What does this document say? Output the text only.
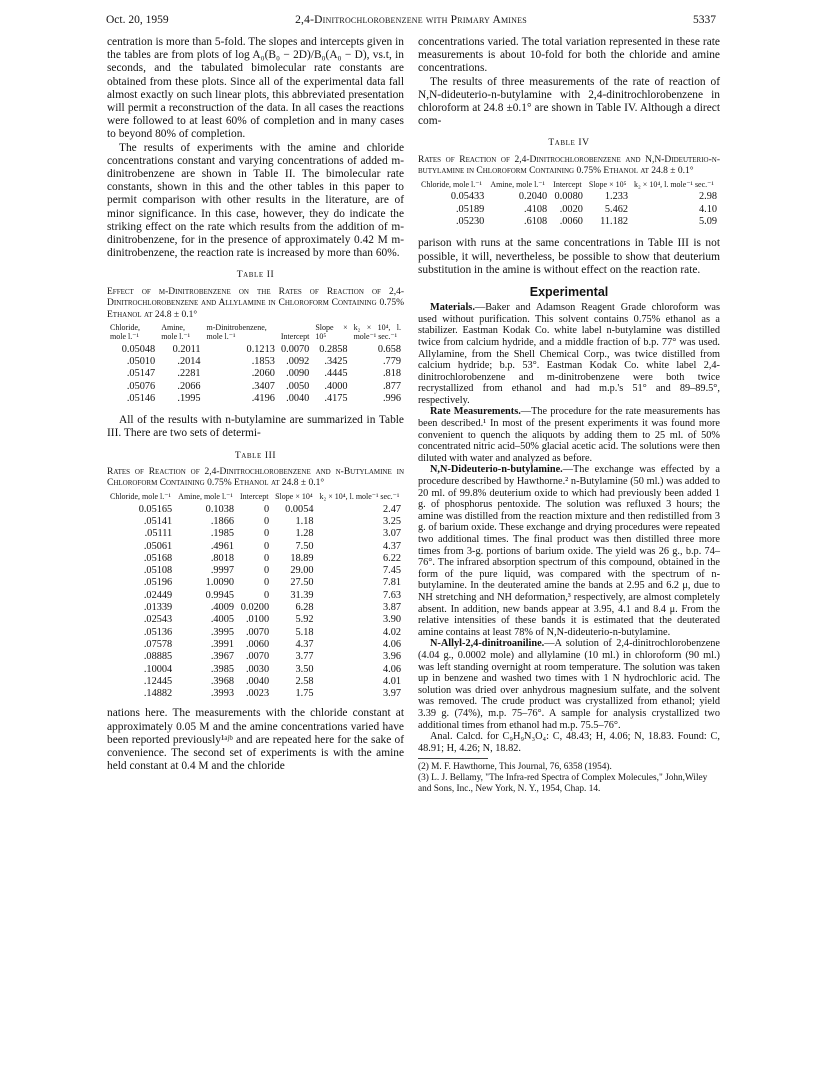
Oct. 20, 1959	2,4-Dinitrochlorobenzene with Primary Amines	5337

centration is more than 5-fold. The slopes and intercepts given in the tables are from plots of log A₀(B₀ − 2D)/B₀(A₀ − D), vs.t, in seconds, and the tabulated bimolecular rate constants are obtained from these plots. Since all of the experimental data fall almost exactly on such linear plots, this abbreviated presentation will permit a reconstruction of the data. In all cases the reactions were followed to at least 60% of completion and in many cases to beyond 80% of completion.

The results of experiments with the amine and chloride concentrations constant and varying concentrations of added m-dinitrobenzene are shown in Table II. The bimolecular rate constants, shown in this and the other tables in this paper to permit comparison with other results in the literature, are of minor significance. In this case, however, they do indicate the striking effect on the rate which results from the addition of m-dinitrobenzene, for in the presence of approximately 0.42 M m-dinitrobenzene, the reaction rate is increased by more than 60%.

Table II
Effect of m-Dinitrobenzene on the Rates of Reaction of 2,4-Dinitrochlorobenzene and Allylamine in Chloroform Containing 0.75% Ethanol at 24.8 ± 0.1°
Chloride, mole l.⁻¹	Amine, mole l.⁻¹	m-Dinitrobenzene, mole l.⁻¹	Intercept	Slope × 10⁵	k₂ × 10⁴, l. mole⁻¹ sec.⁻¹
0.05048	0.2011	0.1213	0.0070	0.2858	0.658
.05010	.2014	.1853	.0092	.3425	.779
.05147	.2281	.2060	.0090	.4445	.818
.05076	.2066	.3407	.0050	.4000	.877
.05146	.1995	.4196	.0040	.4175	.996

All of the results with n-butylamine are summarized in Table III. There are two sets of determi-

Table III
Rates of Reaction of 2,4-Dinitrochlorobenzene and n-Butylamine in Chloroform Containing 0.75% Ethanol at 24.8 ± 0.1°
Chloride, mole l.⁻¹	Amine, mole l.⁻¹	Intercept	Slope × 10⁴	k₂ × 10⁴, l. mole⁻¹ sec.⁻¹
0.05165	0.1038	0	0.0054	2.47
.05141	.1866	0	1.18	3.25
.05111	.1985	0	1.28	3.07
.05061	.4961	0	7.50	4.37
.05168	.8018	0	18.89	6.22
.05108	.9997	0	29.00	7.45
.05196	1.0090	0	27.50	7.81
.02449	0.9945	0	31.39	7.63
.01339	.4009	0.0200	6.28	3.87
.02543	.4005	.0100	5.92	3.90
.05136	.3995	.0070	5.18	4.02
.07578	.3991	.0060	4.37	4.06
.08885	.3967	.0070	3.77	3.96
.10004	.3985	.0030	3.50	4.06
.12445	.3968	.0040	2.58	4.01
.14882	.3993	.0023	1.75	3.97

nations here. The measurements with the chloride constant at approximately 0.05 M and the amine concentrations varied have been reported previously¹ᵃʲᵇ and are repeated here for the sake of convenience. The second set of experiments is with the amine held constant at 0.4 M and the chloride

concentrations varied. The total variation represented in these rate measurements is about 10-fold for both the chloride and amine concentrations.

The results of three measurements of the rate of reaction of N,N-dideuterio-n-butylamine with 2,4-dinitrochlorobenzene in chloroform at 24.8 ±0.1° are shown in Table IV. Although a direct com-

Table IV
Rates of Reaction of 2,4-Dinitrochlorobenzene and N,N-Dideuterio-n-butylamine in Chloroform Containing 0.75% Ethanol at 24.8 ± 0.1°
Chloride, mole l.⁻¹	Amine, mole l.⁻¹	Intercept	Slope × 10⁵	k₂ × 10⁴, l. mole⁻¹ sec.⁻¹
0.05433	0.2040	0.0080	1.233	2.98
.05189	.4108	.0020	5.462	4.10
.05230	.6108	.0060	11.182	5.09

parison with runs at the same concentrations in Table III is not possible, it will, nevertheless, be possible to show that deuterium substitution in the amine is without effect on the reaction rate.

Experimental

Materials.—Baker and Adamson Reagent Grade chloroform was used without purification. This solvent contains 0.75% ethanol as a stabilizer. Eastman Kodak Co. white label n-butylamine was distilled twice from calcium hydride, and a middle fraction of b.p. 77° was used. Allylamine, from the Shell Chemical Corp., was twice distilled from calcium hydride; b.p. 53°. Eastman Kodak Co. white label 2,4-dinitrochlorobenzene and m-dinitrobenzene were both twice recrystallized from ethanol and had m.p.'s 51° and 89–89.5°, respectively.

Rate Measurements.—The procedure for the rate measurements has been described.¹ In most of the present experiments it was found more convenient to quench the aliquots by adding them to 25 ml. of 50% concentrated nitric acid–50% glacial acetic acid. The solutions were then diluted with water and analyzed as before.

N,N-Dideuterio-n-butylamine.—The exchange was effected by a procedure described by Hawthorne.² n-Butylamine (50 ml.) was added to 20 ml. of 99.8% deuterium oxide to which had previously been added 1 g. of phosphorus pentoxide. The solution was refluxed 3 hours; the amine was distilled from the reaction mixture and then redistilled from 3 g. of barium oxide. These exchange and drying procedures were repeated two additional times. The final product was then distilled three more times from 3-g. portions of barium oxide. The yield was 26 g., b.p. 74–76°. The infrared absorption spectrum of this compound, obtained in the form of the pure liquid, was compared with the spectrum of n-butylamine. In the deuterated amine the bands at 2.95 and 6.2 μ, due to NH stretching and NH deformation,³ respectively, are almost completely absent. In addition, new bands appear at 3.95, 4.1 and 8.4 μ. From the relative intensities of these bands it is estimated that the deuterated amine contains at least 78% of N,N-dideuterio-n-butylamine.

N-Allyl-2,4-dinitroaniline.—A solution of 2,4-dinitrochlorobenzene (4.04 g., 0.0002 mole) and allylamine (10 ml.) in chloroform (90 ml.) was left standing overnight at room temperature. The solution was taken up in benzene and washed two times with 1 N hydrochloric acid. The solution was dried over anhydrous magnesium sulfate, and the solvent was removed. The crude product was crystallized from ethanol; yield 3.39 g. (74%), m.p. 75–76°. A sample for analysis crystallized two additional times from ethanol had m.p. 75.5–76°.

Anal. Calcd. for C₉H₉N₃O₄: C, 48.43; H, 4.06; N, 18.83. Found: C, 48.91; H, 4.26; N, 18.82.

(2) M. F. Hawthorne, This Journal, 76, 6358 (1954).

(3) L. J. Bellamy, "The Infra-red Spectra of Complex Molecules," John,Wiley and Sons, Inc., New York, N. Y., 1954, Chap. 14.
